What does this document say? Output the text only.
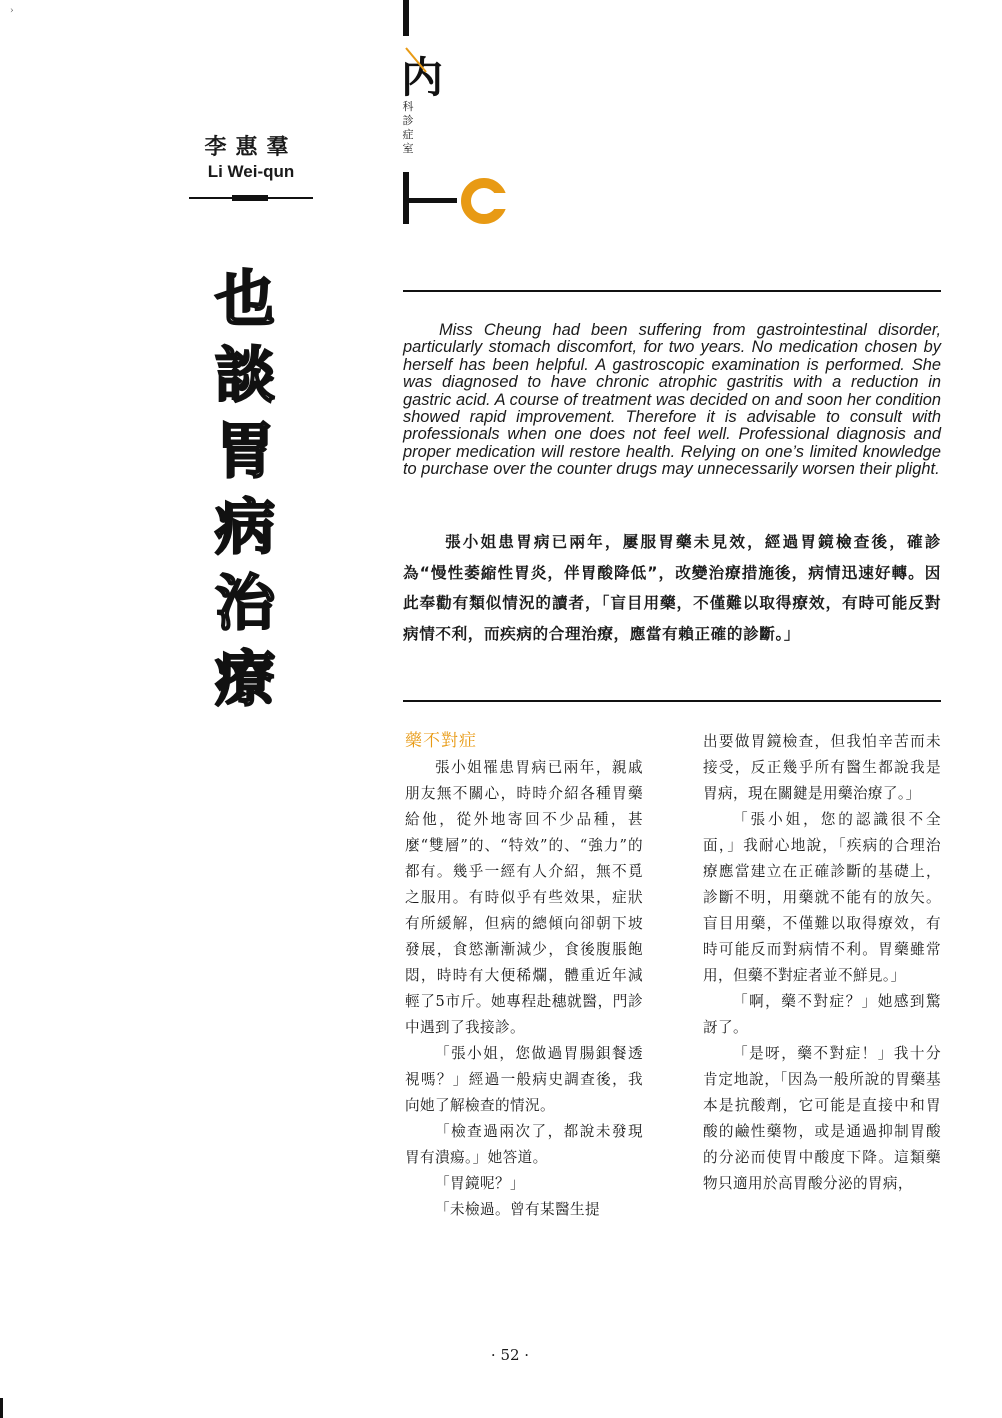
›
李惠羣
Li Wei-qun
内
科
診
症
室
也
談
胃
病
治
療
Miss Cheung had been suffering from gastrointestinal disorder, particularly stomach discomfort, for two years. No medication chosen by herself has been helpful. A gastroscopic examination is performed. She was diagnosed to have chronic atrophic gastritis with a reduction in gastric acid. A course of treatment was decided on and soon her condition showed rapid improvement. Therefore it is advisable to consult with professionals when one does not feel well. Professional diagnosis and proper medication will restore health. Relying on one’s limited knowledge to purchase over the counter drugs may unnecessarily worsen their plight.
張小姐患胃病已兩年，屢服胃藥未見效，經過胃鏡檢查後，確診為“慢性萎縮性胃炎，伴胃酸降低”，改變治療措施後，病情迅速好轉。因此奉勸有類似情況的讀者，「盲目用藥，不僅難以取得療效，有時可能反對病情不利，而疾病的合理治療，應當有賴正確的診斷。」
藥不對症

張小姐罹患胃病已兩年，親戚朋友無不關心，時時介紹各種胃藥給他，從外地寄回不少品種，甚麼“雙層”的、“特效”的、“強力”的都有。幾乎一經有人介紹，無不覓之服用。有時似乎有些效果，症狀有所緩解，但病的總傾向卻朝下坡發展，食慾漸漸減少，食後腹脹飽悶，時時有大便稀爛，體重近年減輕了5市斤。她專程赴穗就醫，門診中遇到了我接診。

「張小姐，您做過胃腸鋇餐透視嗎？」經過一般病史調查後，我向她了解檢查的情況。

「檢查過兩次了，都說未發現胃有潰瘍。」她答道。

「胃鏡呢？」

「未檢過。曾有某醫生提

出要做胃鏡檢查，但我怕辛苦而未接受，反正幾乎所有醫生都說我是胃病，現在關鍵是用藥治療了。」

「張小姐，您的認識很不全面，」我耐心地說，「疾病的合理治療應當建立在正確診斷的基礎上，診斷不明，用藥就不能有的放矢。盲目用藥，不僅難以取得療效，有時可能反而對病情不利。胃藥雖常用，但藥不對症者並不鮮見。」

「啊，藥不對症？」她感到驚訝了。

「是呀，藥不對症！」我十分肯定地說，「因為一般所說的胃藥基本是抗酸劑，它可能是直接中和胃酸的鹼性藥物，或是通過抑制胃酸的分泌而使胃中酸度下降。這類藥物只適用於高胃酸分泌的胃病，

· 52 ·
